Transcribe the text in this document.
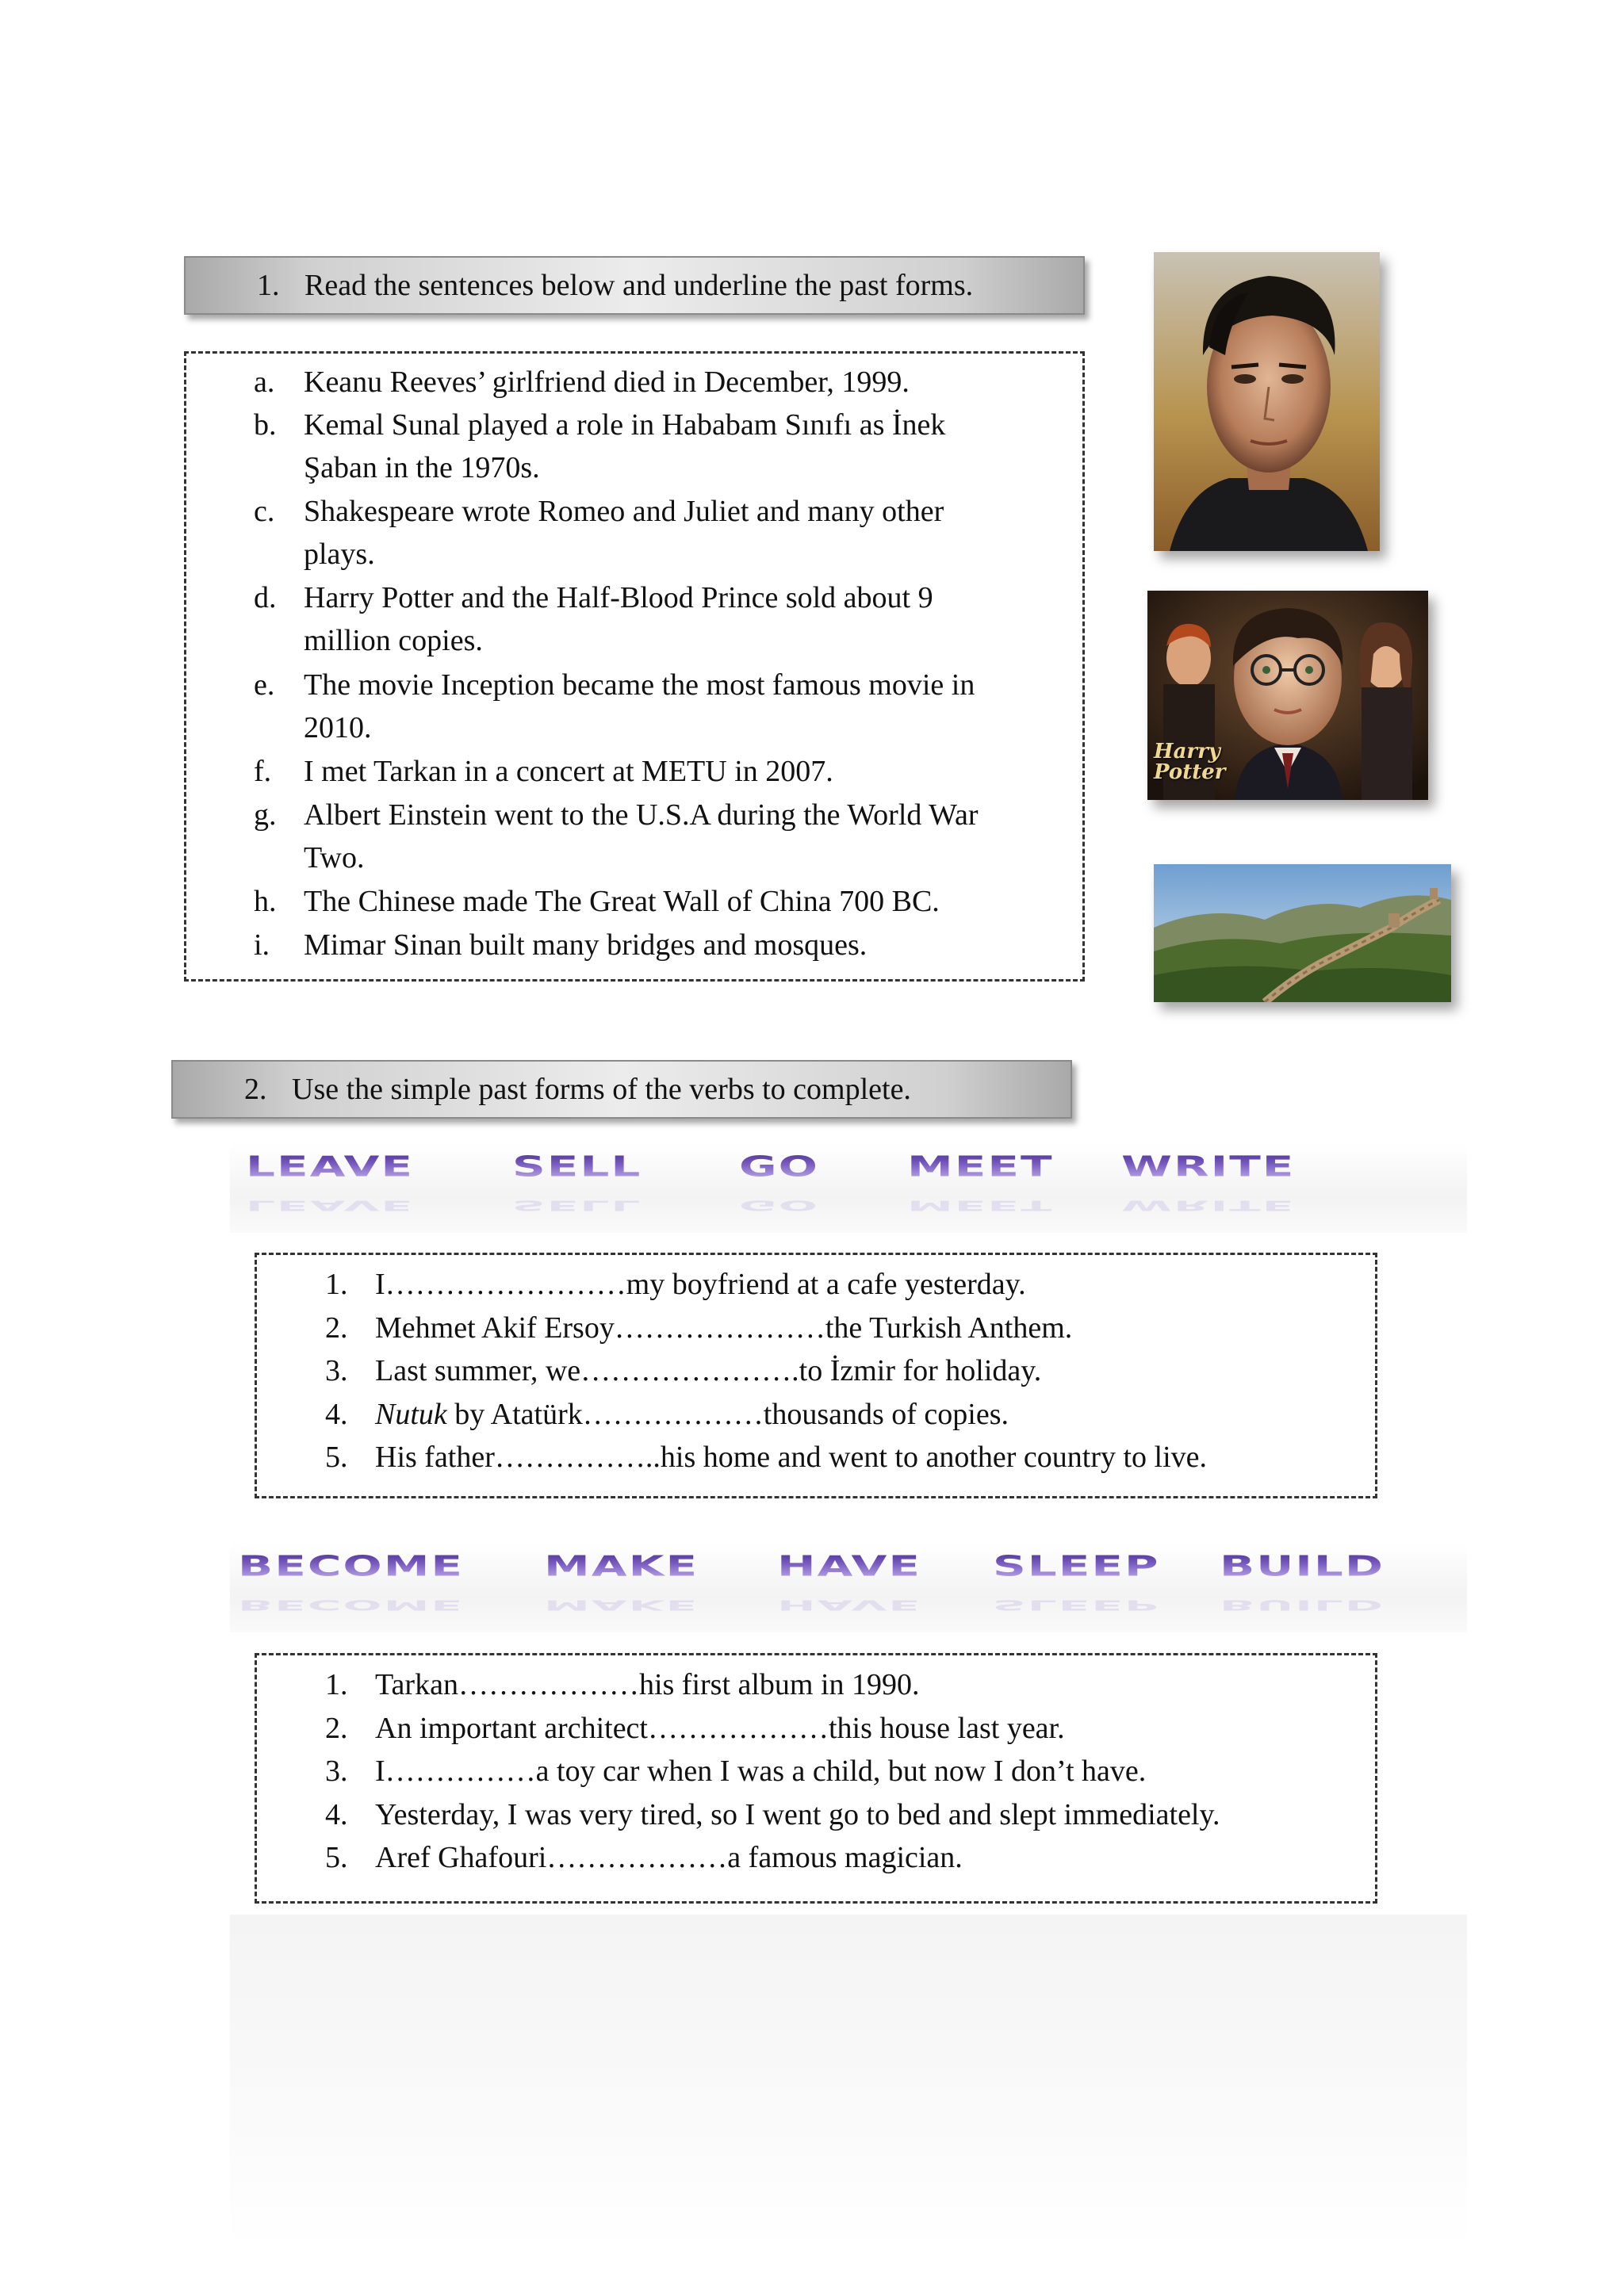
1. Read the sentences below and underline the past forms.
a. Keanu Reeves’ girlfriend died in December, 1999.
b. Kemal Sunal played a role in Hababam Sınıfı as İnek
Şaban in the 1970s.
c. Shakespeare wrote Romeo and Juliet and many other
plays.
d. Harry Potter and the Half-Blood Prince sold about 9
million copies.
e. The movie Inception became the most famous movie in
2010.
f. I met Tarkan in a concert at METU in 2007.
g. Albert Einstein went to the U.S.A during the World War
Two.
h. The Chinese made The Great Wall of China 700 BC.
i. Mimar Sinan built many bridges and mosques.
Harry Potter
2. Use the simple past forms of the verbs to complete.
LEAVE
LEAVE
SELL
SELL
GO
GO
MEET
MEET
WRITE
WRITE
1. I……………………my boyfriend at a cafe yesterday.
2. Mehmet Akif Ersoy…………………the Turkish Anthem.
3. Last summer, we………………….to İzmir for holiday.
4. Nutuk by Atatürk………………thousands of copies.
5. His father……………..his home and went to another country to live.
BECOME
BECOME
MAKE
MAKE
HAVE
HAVE
SLEEP
SLEEP
BUILD
BUILD
1. Tarkan………………his first album in 1990.
2. An important architect………………this house last year.
3. I……………a toy car when I was a child, but now I don’t have.
4. Yesterday, I was very tired, so I went go to bed and slept immediately.
5. Aref Ghafouri………………a famous magician.
